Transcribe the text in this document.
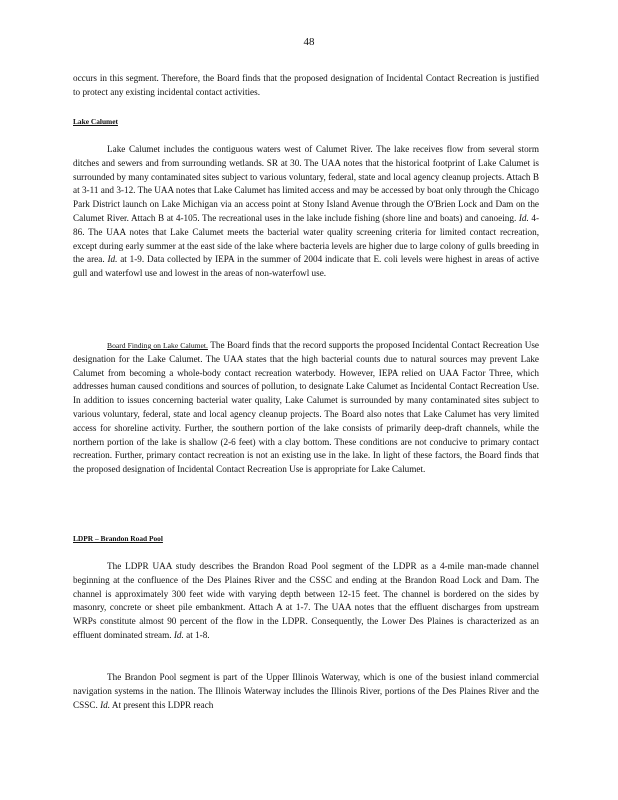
48

occurs in this segment. Therefore, the Board finds that the proposed designation of Incidental Contact Recreation is justified to protect any existing incidental contact activities.

Lake Calumet

Lake Calumet includes the contiguous waters west of Calumet River. The lake receives flow from several storm ditches and sewers and from surrounding wetlands. SR at 30. The UAA notes that the historical footprint of Lake Calumet is surrounded by many contaminated sites subject to various voluntary, federal, state and local agency cleanup projects. Attach B at 3-11 and 3-12. The UAA notes that Lake Calumet has limited access and may be accessed by boat only through the Chicago Park District launch on Lake Michigan via an access point at Stony Island Avenue through the O'Brien Lock and Dam on the Calumet River. Attach B at 4-105. The recreational uses in the lake include fishing (shore line and boats) and canoeing. Id. 4-86. The UAA notes that Lake Calumet meets the bacterial water quality screening criteria for limited contact recreation, except during early summer at the east side of the lake where bacteria levels are higher due to large colony of gulls breeding in the area. Id. at 1-9. Data collected by IEPA in the summer of 2004 indicate that E. coli levels were highest in areas of active gull and waterfowl use and lowest in the areas of non-waterfowl use.

Board Finding on Lake Calumet. The Board finds that the record supports the proposed Incidental Contact Recreation Use designation for the Lake Calumet. The UAA states that the high bacterial counts due to natural sources may prevent Lake Calumet from becoming a whole-body contact recreation waterbody. However, IEPA relied on UAA Factor Three, which addresses human caused conditions and sources of pollution, to designate Lake Calumet as Incidental Contact Recreation Use. In addition to issues concerning bacterial water quality, Lake Calumet is surrounded by many contaminated sites subject to various voluntary, federal, state and local agency cleanup projects. The Board also notes that Lake Calumet has very limited access for shoreline activity. Further, the southern portion of the lake consists of primarily deep-draft channels, while the northern portion of the lake is shallow (2-6 feet) with a clay bottom. These conditions are not conducive to primary contact recreation. Further, primary contact recreation is not an existing use in the lake. In light of these factors, the Board finds that the proposed designation of Incidental Contact Recreation Use is appropriate for Lake Calumet.

LDPR – Brandon Road Pool

The LDPR UAA study describes the Brandon Road Pool segment of the LDPR as a 4-mile man-made channel beginning at the confluence of the Des Plaines River and the CSSC and ending at the Brandon Road Lock and Dam. The channel is approximately 300 feet wide with varying depth between 12-15 feet. The channel is bordered on the sides by masonry, concrete or sheet pile embankment. Attach A at 1-7. The UAA notes that the effluent discharges from upstream WRPs constitute almost 90 percent of the flow in the LDPR. Consequently, the Lower Des Plaines is characterized as an effluent dominated stream. Id. at 1-8.

The Brandon Pool segment is part of the Upper Illinois Waterway, which is one of the busiest inland commercial navigation systems in the nation. The Illinois Waterway includes the Illinois River, portions of the Des Plaines River and the CSSC. Id. At present this LDPR reach
